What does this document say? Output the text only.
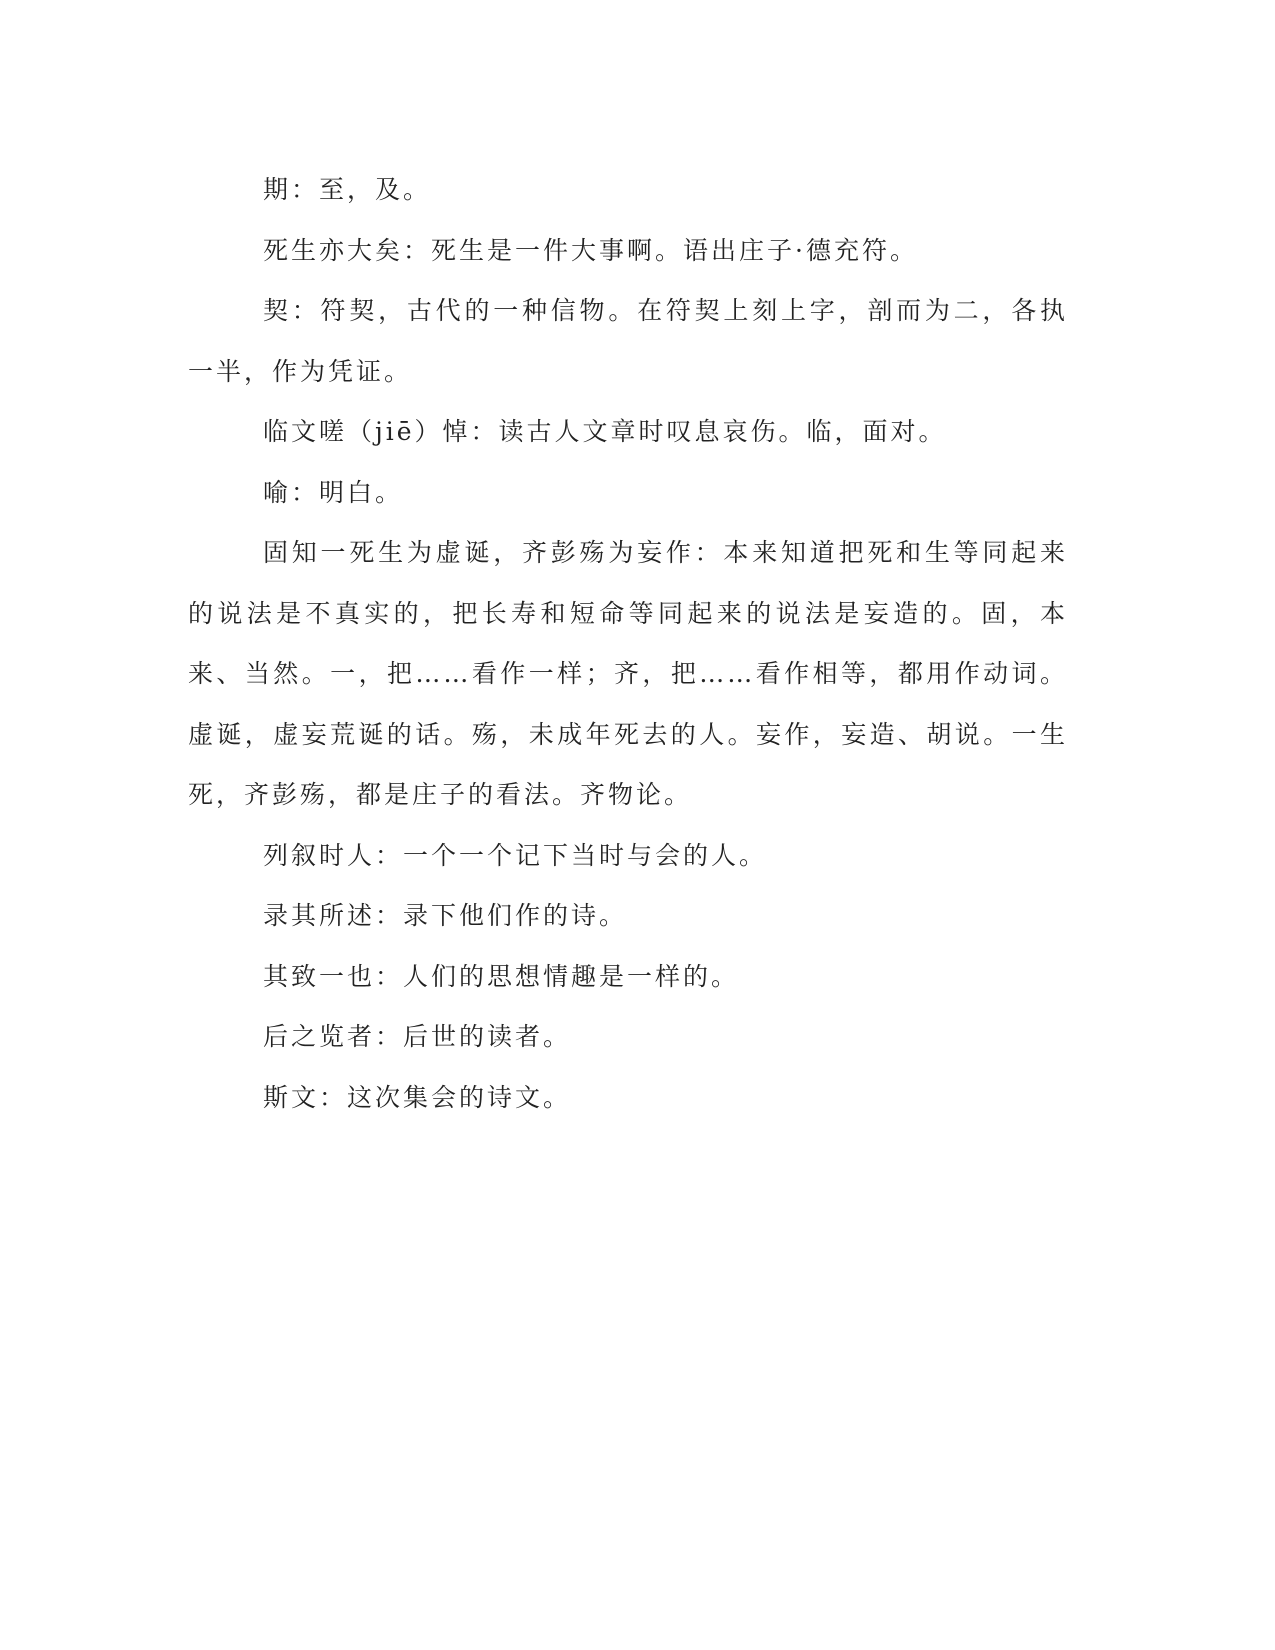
期：至，及。

死生亦大矣：死生是一件大事啊。语出庄子·德充符。

契：符契，古代的一种信物。在符契上刻上字，剖而为二，各执一半，作为凭证。

临文嗟（jiē）悼：读古人文章时叹息哀伤。临，面对。

喻：明白。

固知一死生为虚诞，齐彭殇为妄作：本来知道把死和生等同起来的说法是不真实的，把长寿和短命等同起来的说法是妄造的。固，本来、当然。一，把……看作一样；齐，把……看作相等，都用作动词。虚诞，虚妄荒诞的话。殇，未成年死去的人。妄作，妄造、胡说。一生死，齐彭殇，都是庄子的看法。齐物论。

列叙时人：一个一个记下当时与会的人。

录其所述：录下他们作的诗。

其致一也：人们的思想情趣是一样的。

后之览者：后世的读者。

斯文：这次集会的诗文。
